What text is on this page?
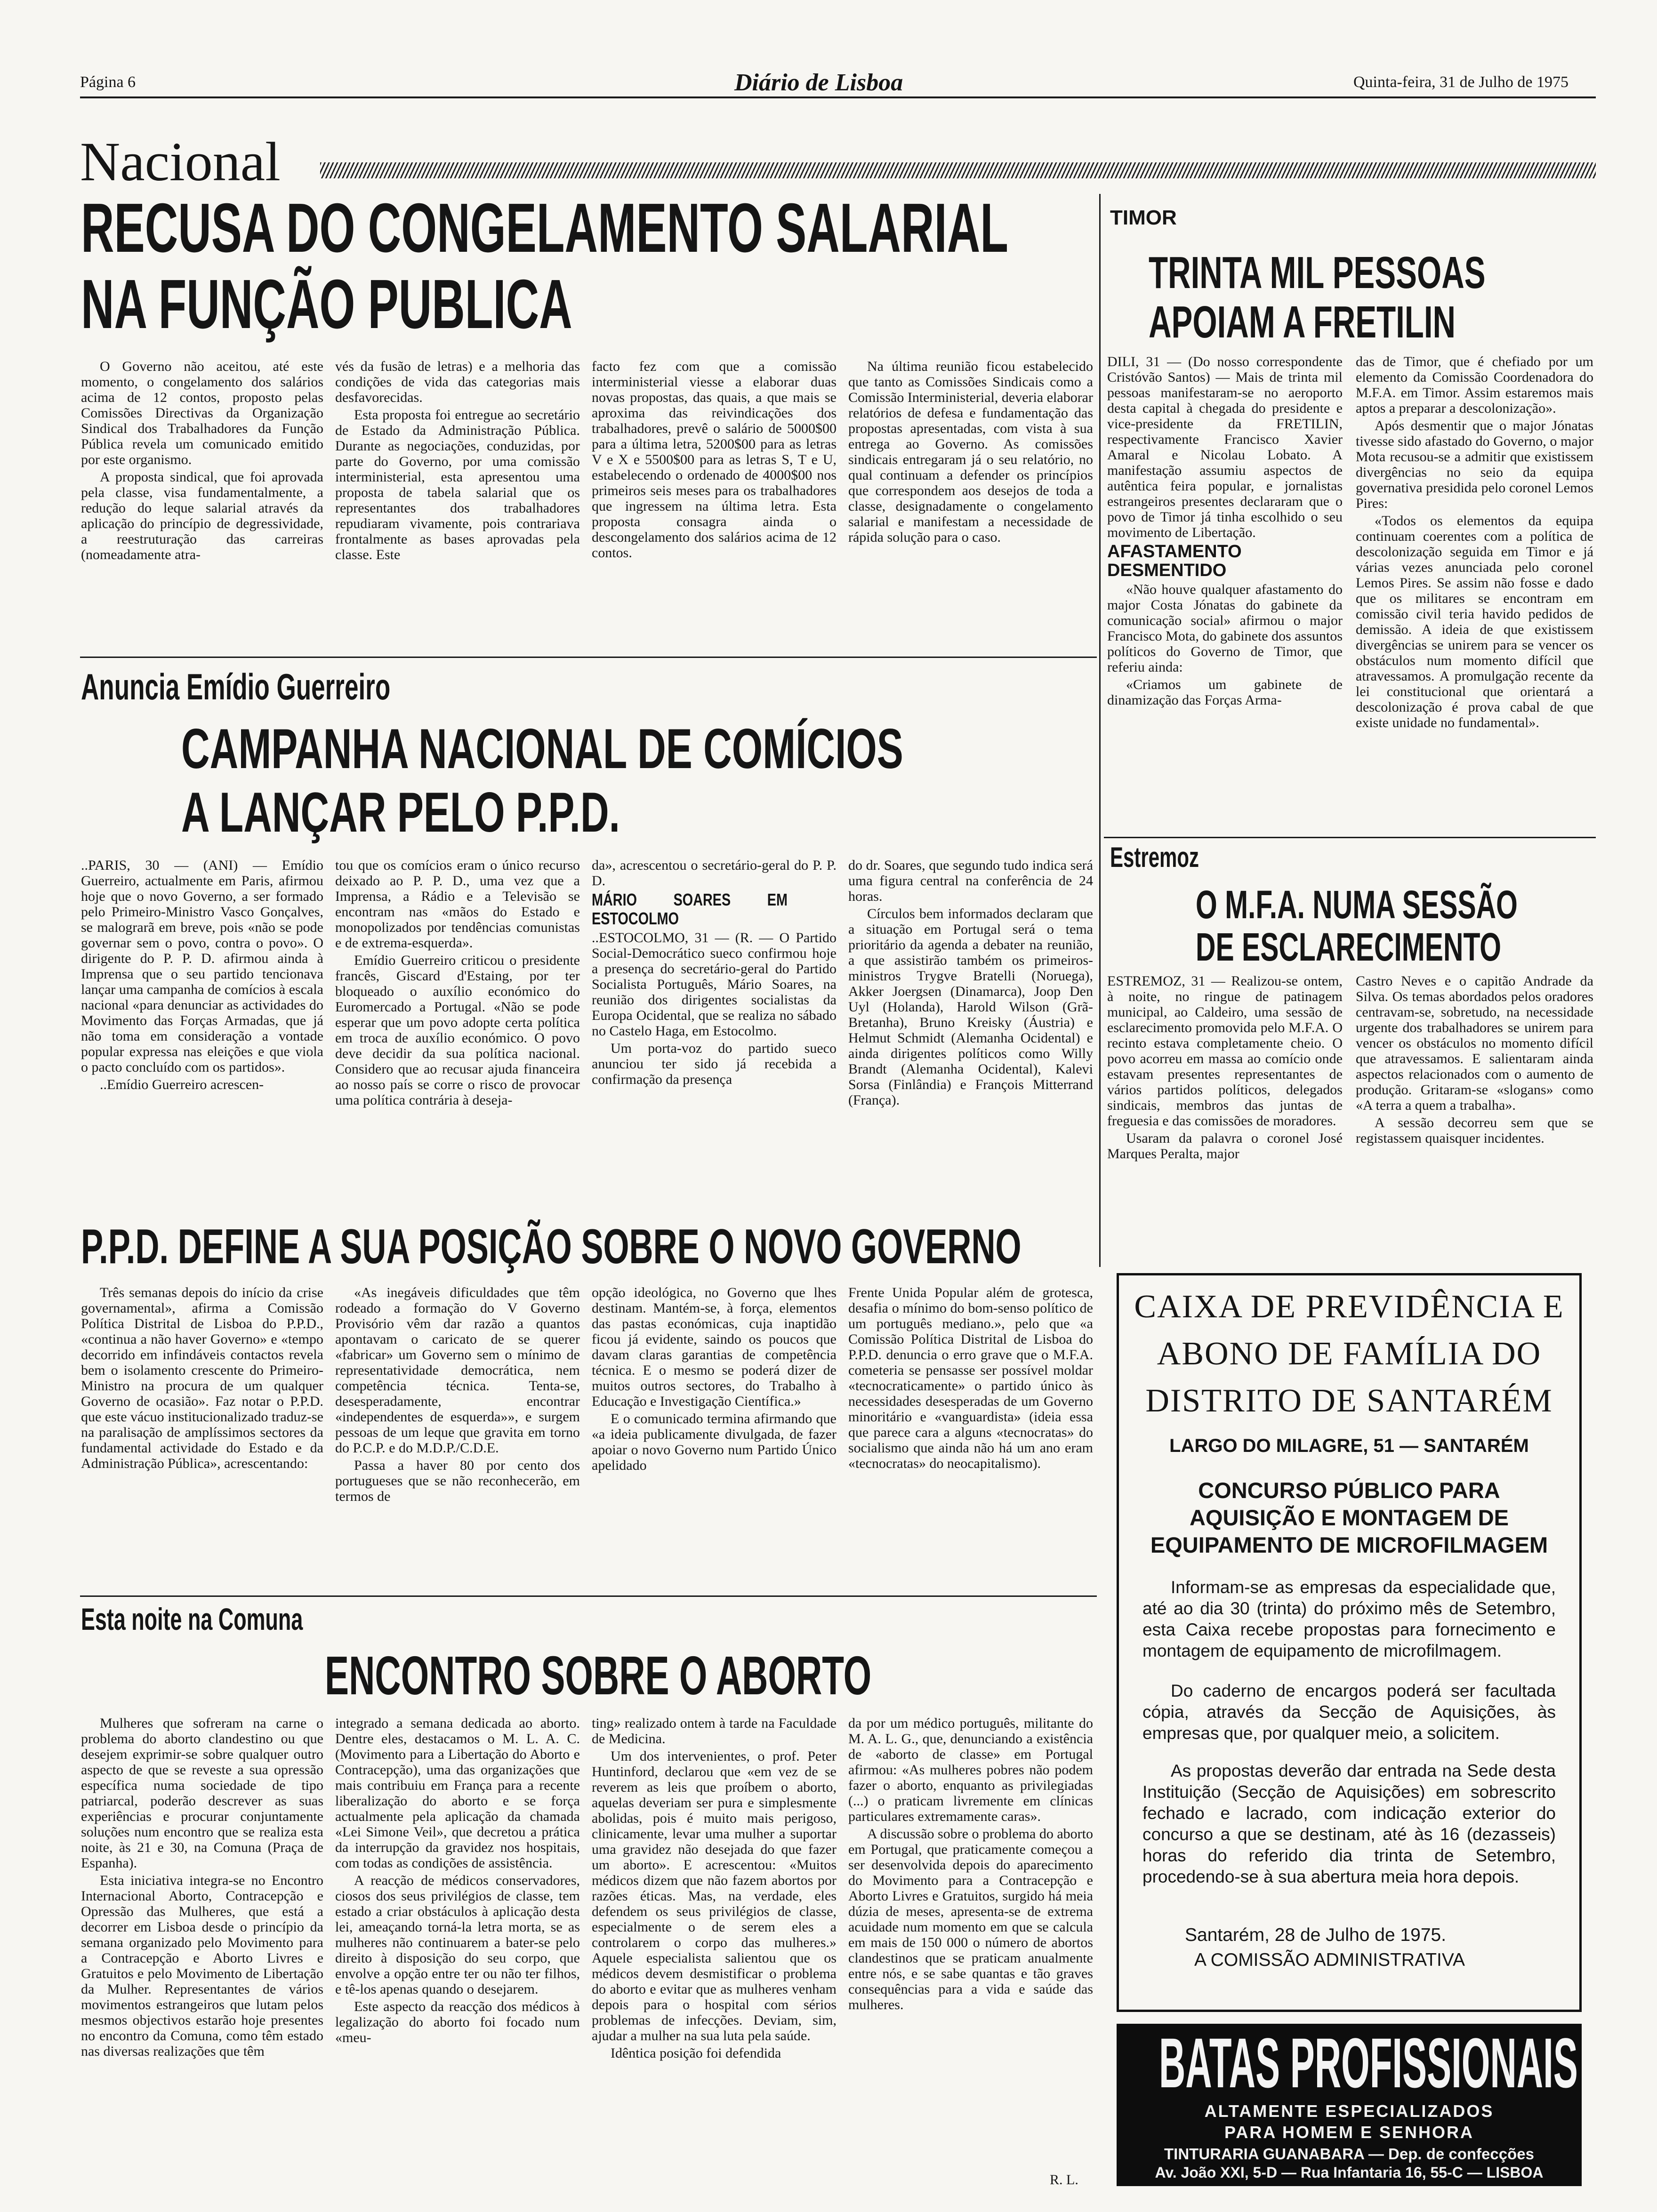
Página 6	Diário de Lisboa	Quinta-feira, 31 de Julho de 1975
Nacional
RECUSA DO CONGELAMENTO SALARIAL
NA FUNÇÃO PUBLICA

O Governo não aceitou, até este momento, o congelamento dos salários acima de 12 contos, proposto pelas Comissões Directivas da Organização Sindical dos Trabalhadores da Função Pública revela um comunicado emitido por este organismo.

A proposta sindical, que foi aprovada pela classe, visa fundamentalmente, a redução do leque salarial através da aplicação do princípio de degressividade, a reestruturação das carreiras (nomeadamente atra-

vés da fusão de letras) e a melhoria das condições de vida das categorias mais desfavorecidas.

Esta proposta foi entregue ao secretário de Estado da Administração Pública. Durante as negociações, conduzidas, por parte do Governo, por uma comissão interministerial, esta apresentou uma proposta de tabela salarial que os representantes dos trabalhadores repudiaram vivamente, pois contrariava frontalmente as bases aprovadas pela classe. Este

facto fez com que a comissão interministerial viesse a elaborar duas novas propostas, das quais, a que mais se aproxima das reivindicações dos trabalhadores, prevê o salário de 5000$00 para a última letra, 5200$00 para as letras V e X e 5500$00 para as letras S, T e U, estabelecendo o ordenado de 4000$00 nos primeiros seis meses para os trabalhadores que ingressem na última letra. Esta proposta consagra ainda o descongelamento dos salários acima de 12 contos.

Na última reunião ficou estabelecido que tanto as Comissões Sindicais como a Comissão Interministerial, deveria elaborar relatórios de defesa e fundamentação das propostas apresentadas, com vista à sua entrega ao Governo. As comissões sindicais entregaram já o seu relatório, no qual continuam a defender os princípios que correspondem aos desejos de toda a classe, designadamente o congelamento salarial e manifestam a necessidade de rápida solução para o caso.

Anuncia Emídio Guerreiro
CAMPANHA NACIONAL DE COMÍCIOS
A LANÇAR PELO P.P.D.

..PARIS, 30 — (ANI) — Emídio Guerreiro, actualmente em Paris, afirmou hoje que o novo Governo, a ser formado pelo Primeiro-Ministro Vasco Gonçalves, se malograrã em breve, pois «não se pode governar sem o povo, contra o povo». O dirigente do P. P. D. afirmou ainda à Imprensa que o seu partido tencionava lançar uma campanha de comícios à escala nacional «para denunciar as actividades do Movimento das Forças Armadas, que já não toma em consideração a vontade popular expressa nas eleições e que viola o pacto concluído com os partidos».

..Emídio Guerreiro acrescen-

tou que os comícios eram o único recurso deixado ao P. P. D., uma vez que a Imprensa, a Rádio e a Televisão se encontram nas «mãos do Estado e monopolizados por tendências comunistas e de extrema-esquerda».

Emídio Guerreiro criticou o presidente francês, Giscard d'Estaing, por ter bloqueado o auxílio económico do Euromercado a Portugal. «Não se pode esperar que um povo adopte certa política em troca de auxílio económico. O povo deve decidir da sua política nacional. Considero que ao recusar ajuda financeira ao nosso país se corre o risco de provocar uma política contrária à deseja-

da», acrescentou o secretário-geral do P. P. D.

MÁRIO SOARES EM ESTOCOLMO

..ESTOCOLMO, 31 — (R. — O Partido Social-Democrático sueco confirmou hoje a presença do secretário-geral do Partido Socialista Português, Mário Soares, na reunião dos dirigentes socialistas da Europa Ocidental, que se realiza no sábado no Castelo Haga, em Estocolmo.

Um porta-voz do partido sueco anunciou ter sido já recebida a confirmação da presença

do dr. Soares, que segundo tudo indica será uma figura central na conferência de 24 horas.

Círculos bem informados declaram que a situação em Portugal será o tema prioritário da agenda a debater na reunião, a que assistirão também os primeiros-ministros Trygve Bratelli (Noruega), Akker Joergsen (Dinamarca), Joop Den Uyl (Holanda), Harold Wilson (Grã-Bretanha), Bruno Kreisky (Áustria) e Helmut Schmidt (Alemanha Ocidental) e ainda dirigentes políticos como Willy Brandt (Alemanha Ocidental), Kalevi Sorsa (Finlândia) e François Mitterrand (França).

P.P.D. DEFINE A SUA POSIÇÃO SOBRE O NOVO GOVERNO

Três semanas depois do início da crise governamental», afirma a Comissão Política Distrital de Lisboa do P.P.D., «continua a não haver Governo» e «tempo decorrido em infindáveis contactos revela bem o isolamento crescente do Primeiro-Ministro na procura de um qualquer Governo de ocasião». Faz notar o P.P.D. que este vácuo institucionalizado traduz-se na paralisação de amplíssimos sectores da fundamental actividade do Estado e da Administração Pública», acrescentando:

«As inegáveis dificuldades que têm rodeado a formação do V Governo Provisório vêm dar razão a quantos apontavam o caricato de se querer «fabricar» um Governo sem o mínimo de representatividade democrática, nem competência técnica. Tenta-se, desesperadamente, encontrar «independentes de esquerda»», e surgem pessoas de um leque que gravita em torno do P.C.P. e do M.D.P./C.D.E.

Passa a haver 80 por cento dos portugueses que se não reconhecerão, em termos de

opção ideológica, no Governo que lhes destinam. Mantém-se, à força, elementos das pastas económicas, cuja inaptidão ficou já evidente, saindo os poucos que davam claras garantias de competência técnica. E o mesmo se poderá dizer de muitos outros sectores, do Trabalho à Educação e Investigação Científica.»

E o comunicado termina afirmando que «a ideia publicamente divulgada, de fazer apoiar o novo Governo num Partido Único apelidado

Frente Unida Popular além de grotesca, desafia o mínimo do bom-senso político de um português mediano.», pelo que «a Comissão Política Distrital de Lisboa do P.P.D. denuncia o erro grave que o M.F.A. cometeria se pensasse ser possível moldar «tecnocraticamente» o partido único às necessidades desesperadas de um Governo minoritário e «vanguardista» (ideia essa que parece cara a alguns «tecnocratas» do socialismo que ainda não há um ano eram «tecnocratas» do neocapitalismo).

Esta noite na Comuna
ENCONTRO SOBRE O ABORTO

Mulheres que sofreram na carne o problema do aborto clandestino ou que desejem exprimir-se sobre qualquer outro aspecto de que se reveste a sua opressão específica numa sociedade de tipo patriarcal, poderão descrever as suas experiências e procurar conjuntamente soluções num encontro que se realiza esta noite, às 21 e 30, na Comuna (Praça de Espanha).

Esta iniciativa integra-se no Encontro Internacional Aborto, Contracepção e Opressão das Mulheres, que está a decorrer em Lisboa desde o princípio da semana organizado pelo Movimento para a Contracepção e Aborto Livres e Gratuitos e pelo Movimento de Libertação da Mulher. Representantes de vários movimentos estrangeiros que lutam pelos mesmos objectivos estarão hoje presentes no encontro da Comuna, como têm estado nas diversas realizações que têm

integrado a semana dedicada ao aborto. Dentre eles, destacamos o M. L. A. C. (Movimento para a Libertação do Aborto e Contracepção), uma das organizações que mais contribuiu em França para a recente liberalização do aborto e se força actualmente pela aplicação da chamada «Lei Simone Veil», que decretou a prática da interrupção da gravidez nos hospitais, com todas as condições de assistência.

A reacção de médicos conservadores, ciosos dos seus privilégios de classe, tem estado a criar obstáculos à aplicação desta lei, ameaçando torná-la letra morta, se as mulheres não continuarem a bater-se pelo direito à disposição do seu corpo, que envolve a opção entre ter ou não ter filhos, e tê-los apenas quando o desejarem.

Este aspecto da reacção dos médicos à legalização do aborto foi focado num «meu-

ting» realizado ontem à tarde na Faculdade de Medicina.

Um dos intervenientes, o prof. Peter Huntinford, declarou que «em vez de se reverem as leis que proíbem o aborto, aquelas deveriam ser pura e simplesmente abolidas, pois é muito mais perigoso, clinicamente, levar uma mulher a suportar uma gravidez não desejada do que fazer um aborto». E acrescentou: «Muitos médicos dizem que não fazem abortos por razões éticas. Mas, na verdade, eles defendem os seus privilégios de classe, especialmente o de serem eles a controlarem o corpo das mulheres.» Aquele especialista salientou que os médicos devem desmistificar o problema do aborto e evitar que as mulheres venham depois para o hospital com sérios problemas de infecções. Deviam, sim, ajudar a mulher na sua luta pela saúde.

Idêntica posição foi defendida

da por um médico português, militante do M. A. L. G., que, denunciando a existência de «aborto de classe» em Portugal afirmou: «As mulheres pobres não podem fazer o aborto, enquanto as privilegiadas (...) o praticam livremente em clínicas particulares extremamente caras».

A discussão sobre o problema do aborto em Portugal, que praticamente começou a ser desenvolvida depois do aparecimento do Movimento para a Contracepção e Aborto Livres e Gratuitos, surgido há meia dúzia de meses, apresenta-se de extrema acuidade num momento em que se calcula em mais de 150 000 o número de abortos clandestinos que se praticam anualmente entre nós, e se sabe quantas e tão graves consequências para a vida e saúde das mulheres.

R. L.
TIMOR
TRINTA MIL PESSOAS
APOIAM A FRETILIN

DILI, 31 — (Do nosso correspondente Cristóvão Santos) — Mais de trinta mil pessoas manifestaram-se no aeroporto desta capital à chegada do presidente e vice-presidente da FRETILIN, respectivamente Francisco Xavier Amaral e Nicolau Lobato. A manifestação assumiu aspectos de autêntica feira popular, e jornalistas estrangeiros presentes declararam que o povo de Timor já tinha escolhido o seu movimento de Libertação.

AFASTAMENTO DESMENTIDO

«Não houve qualquer afastamento do major Costa Jónatas do gabinete da comunicação social» afirmou o major Francisco Mota, do gabinete dos assuntos políticos do Governo de Timor, que referiu ainda:

«Criamos um gabinete de dinamização das Forças Arma-

das de Timor, que é chefiado por um elemento da Comissão Coordenadora do M.F.A. em Timor. Assim estaremos mais aptos a preparar a descolonização».

Após desmentir que o major Jónatas tivesse sido afastado do Governo, o major Mota recusou-se a admitir que existissem divergências no seio da equipa governativa presidida pelo coronel Lemos Pires:

«Todos os elementos da equipa continuam coerentes com a política de descolonização seguida em Timor e já várias vezes anunciada pelo coronel Lemos Pires. Se assim não fosse e dado que os militares se encontram em comissão civil teria havido pedidos de demissão. A ideia de que existissem divergências se unirem para se vencer os obstáculos num momento difícil que atravessamos. A promulgação recente da lei constitucional que orientará a descolonização é prova cabal de que existe unidade no fundamental».

Estremoz
O M.F.A. NUMA SESSÃO
DE ESCLARECIMENTO

ESTREMOZ, 31 — Realizou-se ontem, à noite, no ringue de patinagem municipal, ao Caldeiro, uma sessão de esclarecimento promovida pelo M.F.A. O recinto estava completamente cheio. O povo acorreu em massa ao comício onde estavam presentes representantes de vários partidos políticos, delegados sindicais, membros das juntas de freguesia e das comissões de moradores.

Usaram da palavra o coronel José Marques Peralta, major

Castro Neves e o capitão Andrade da Silva. Os temas abordados pelos oradores centravam-se, sobretudo, na necessidade urgente dos trabalhadores se unirem para vencer os obstáculos no momento difícil que atravessamos. E salientaram ainda aspectos relacionados com o aumento de produção. Gritaram-se «slogans» como «A terra a quem a trabalha».

A sessão decorreu sem que se registassem quaisquer incidentes.

CAIXA DE PREVIDÊNCIA E
ABONO DE FAMÍLIA DO
DISTRITO DE SANTARÉM
LARGO DO MILAGRE, 51 — SANTARÉM
CONCURSO PÚBLICO PARA AQUISIÇÃO E MONTAGEM DE EQUIPAMENTO DE MICROFILMAGEM
Informam-se as empresas da especialidade que, até ao dia 30 (trinta) do próximo mês de Setembro, esta Caixa recebe propostas para fornecimento e montagem de equipamento de microfilmagem.
Do caderno de encargos poderá ser facultada cópia, através da Secção de Aquisições, às empresas que, por qualquer meio, a solicitem.
As propostas deverão dar entrada na Sede desta Instituição (Secção de Aquisições) em sobrescrito fechado e lacrado, com indicação exterior do concurso a que se destinam, até às 16 (dezasseis) horas do referido dia trinta de Setembro, procedendo-se à sua abertura meia hora depois.
Santarém, 28 de Julho de 1975.
A COMISSÃO ADMINISTRATIVA
BATAS PROFISSIONAIS
ALTAMENTE ESPECIALIZADOS
PARA HOMEM E SENHORA
TINTURARIA GUANABARA — Dep. de confecções
Av. João XXI, 5-D — Rua Infantaria 16, 55-C — LISBOA
